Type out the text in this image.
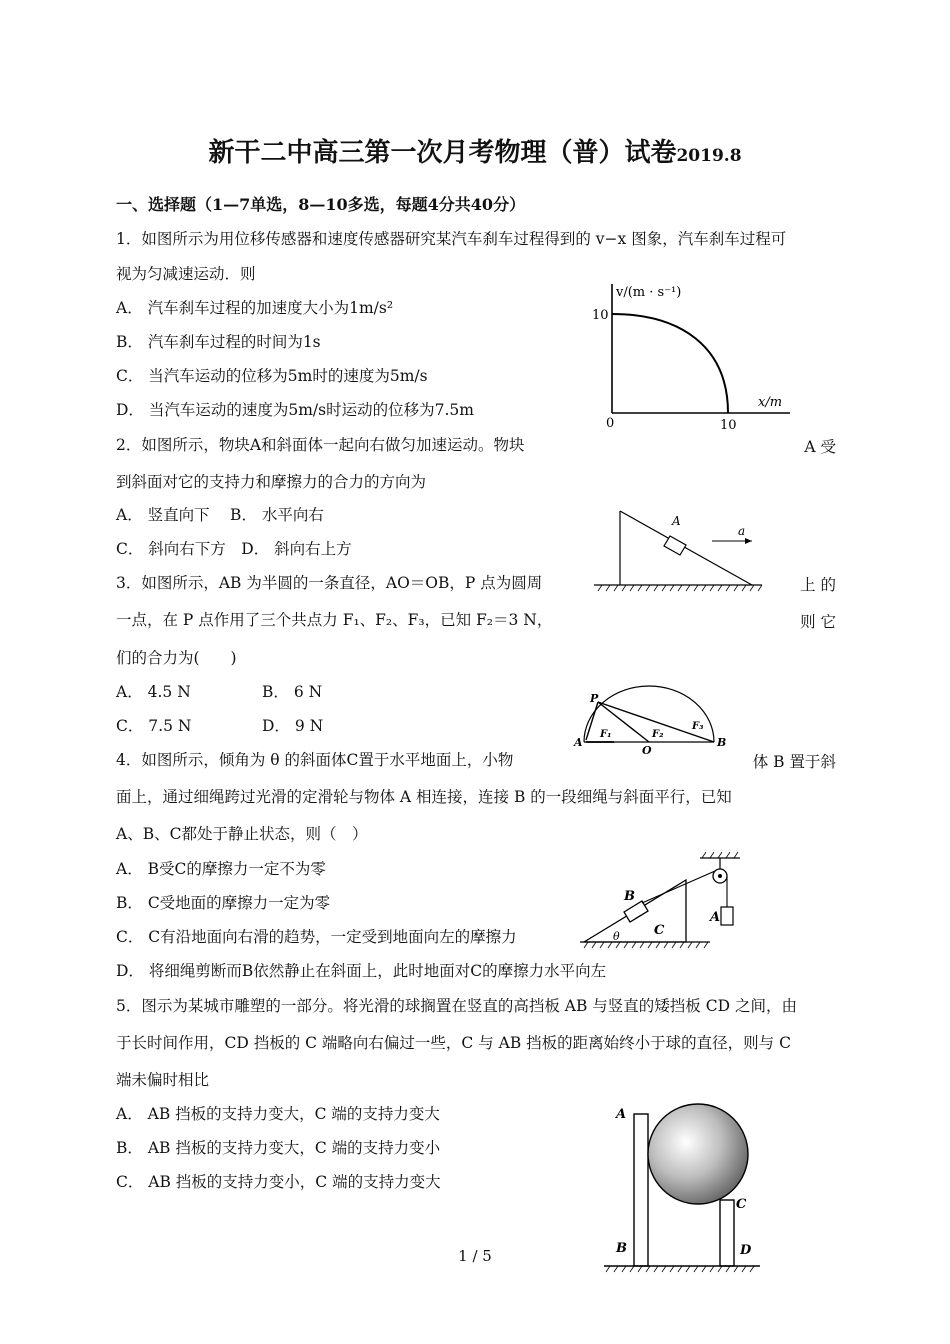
新干二中高三第一次月考物理（普）试卷2019.8
一、选择题（1—7单选，8—10多选，每题4分共40分）
1．如图所示为用位移传感器和速度传感器研究某汽车刹车过程得到的 v−x 图象，汽车刹车过程可
视为匀减速运动．则
A． 汽车刹车过程的加速度大小为1m/s²
B． 汽车刹车过程的时间为1s
C． 当汽车运动的位移为5m时的速度为5m/s
D． 当汽车运动的速度为5m/s时运动的位移为7.5m
v/(m · s⁻¹)
x/m
10
10
0
2．如图所示，物块A和斜面体一起向右做匀加速运动。物块	A 受
到斜面对它的支持力和摩擦力的合力的方向为
A． 竖直向下　 B． 水平向右
C． 斜向右下方　D． 斜向右上方
A
a
3．如图所示，AB 为半圆的一条直径，AO＝OB，P 点为圆周	上 的
一点，在 P 点作用了三个共点力 F₁、F₂、F₃，已知 F₂＝3 N，	则 它
们的合力为(　　)
A． 4.5 N	B． 6 N
C． 7.5 N	D． 9 N
P
A	B
O
F₁	F₂
F₃
4．如图所示，倾角为 θ 的斜面体C置于水平地面上，小物	体 B 置于斜
面上，通过细绳跨过光滑的定滑轮与物体 A 相连接，连接 B 的一段细绳与斜面平行，已知
A、B、C都处于静止状态，则（　）
A． B受C的摩擦力一定不为零
B． C受地面的摩擦力一定为零
C． C有沿地面向右滑的趋势，一定受到地面向左的摩擦力
D． 将细绳剪断而B依然静止在斜面上，此时地面对C的摩擦力水平向左
B
C
A
θ
5．图示为某城市雕塑的一部分。将光滑的球搁置在竖直的高挡板 AB 与竖直的矮挡板 CD 之间，由
于长时间作用，CD 挡板的 C 端略向右偏过一些，C 与 AB 挡板的距离始终小于球的直径，则与 C
端未偏时相比
A． AB 挡板的支持力变大，C 端的支持力变大
B． AB 挡板的支持力变大，C 端的支持力变小
C． AB 挡板的支持力变小，C 端的支持力变大
A
B
C
D
1 / 5
